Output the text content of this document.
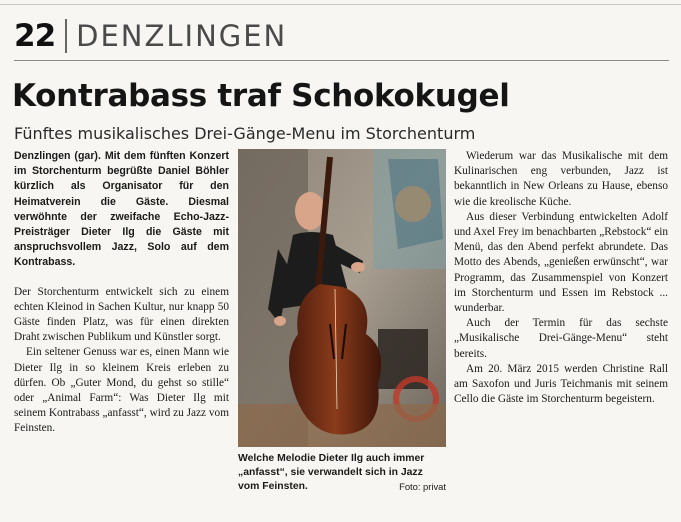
22 DENZLINGEN
Kontrabass traf Schokokugel
Fünftes musikalisches Drei-Gänge-Menu im Storchenturm

Denzlingen (gar). Mit dem fünften Konzert im Storchenturm begrüßte Daniel Böhler kürzlich als Organisator für den Heimatverein die Gäste. Diesmal verwöhnte der zweifache Echo-Jazz-Preisträger Dieter Ilg die Gäste mit anspruchsvollem Jazz, Solo auf dem Kontrabass.

Der Storchenturm entwickelt sich zu einem echten Kleinod in Sachen Kultur, nur knapp 50 Gäste finden Platz, was für einen direkten Draht zwischen Publikum und Künstler sorgt.

Ein seltener Genuss war es, einen Mann wie Dieter Ilg in so kleinem Kreis erleben zu dürfen. Ob „Guter Mond, du gehst so stille“ oder „Animal Farm“: Was Dieter Ilg mit seinem Kontrabass „anfasst“, wird zu Jazz vom Feinsten.

Welche Melodie Dieter Ilg auch immer „anfasst“, sie verwandelt sich in Jazz vom Feinsten.	Foto: privat

Wiederum war das Musikalische mit dem Kulinarischen eng verbunden, Jazz ist bekanntlich in New Orleans zu Hause, ebenso wie die kreolische Küche.

Aus dieser Verbindung entwickelten Adolf und Axel Frey im benachbarten „Rebstock“ ein Menü, das den Abend perfekt abrundete. Das Motto des Abends, „genießen erwünscht“, war Programm, das Zusammenspiel von Konzert im Storchenturm und Essen im Rebstock ... wunderbar.

Auch der Termin für das sechste „Musikalische Drei-Gänge-Menu“ steht bereits.

Am 20. März 2015 werden Christine Rall am Saxofon und Juris Teichmanis mit seinem Cello die Gäste im Storchenturm begeistern.
